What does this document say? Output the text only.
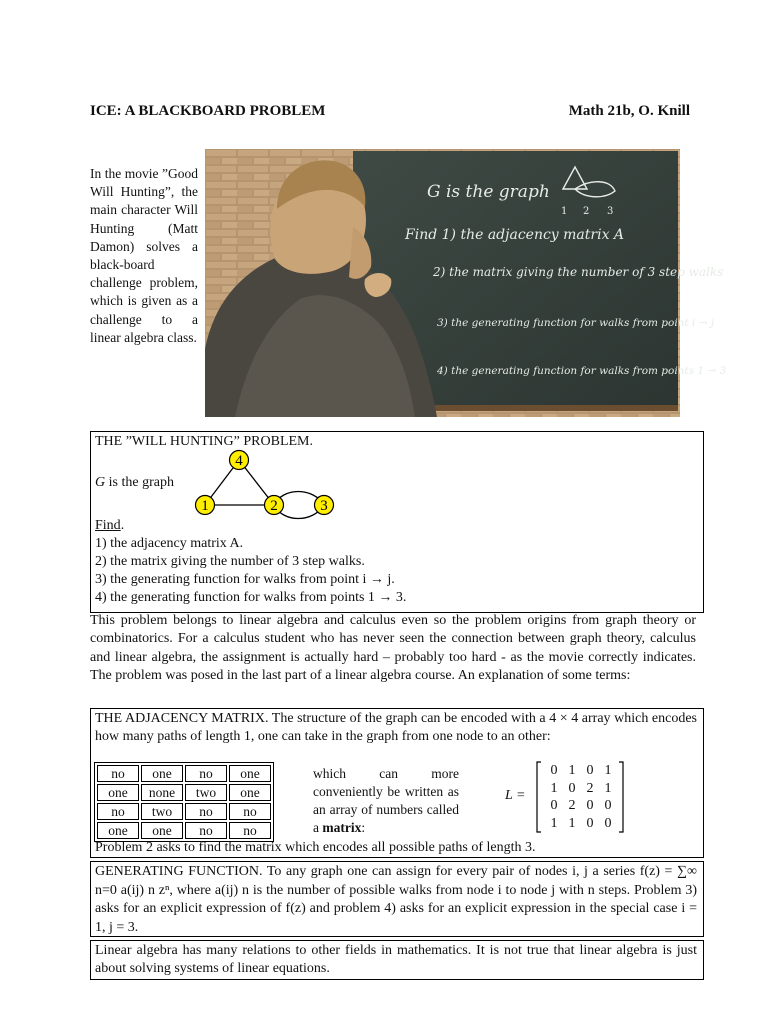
ICE: A BLACKBOARD PROBLEM	Math 21b, O. Knill
In the movie ”Good Will Hunting”, the main character Will Hunting (Matt Damon) solves a black-board challenge problem, which is given as a challenge to a linear algebra class.
G is the graph
1 2 3
Find 1) the adjacency matrix A
2) the matrix giving the number of 3 step walks
3) the generating function for walks from point i → j
4) the generating function for walks from points 1 → 3
THE ”WILL HUNTING” PROBLEM.
G is the graph
4
1	2	3
Find.
1) the adjacency matrix A.
2) the matrix giving the number of 3 step walks.
3) the generating function for walks from point i → j.
4) the generating function for walks from points 1 → 3.
This problem belongs to linear algebra and calculus even so the problem origins from graph theory or combinatorics. For a calculus student who has never seen the connection between graph theory, calculus and linear algebra, the assignment is actually hard – probably too hard - as the movie correctly indicates. The problem was posed in the last part of a linear algebra course. An explanation of some terms:
THE ADJACENCY MATRIX. The structure of the graph can be encoded with a 4 × 4 array which encodes how many paths of length 1, one can take in the graph from one node to an other:
no	one	no	one
one	none	two	one
no	two	no	no
one	one	no	no
which can more conveniently be written as an array of numbers called a matrix:
L =
0 1 0 1
1 0 2 1
0 2 0 0
1 1 0 0
Problem 2 asks to find the matrix which encodes all possible paths of length 3.
GENERATING FUNCTION. To any graph one can assign for every pair of nodes i, j a series f(z) = ∑∞ n=0 a(ij) n zⁿ, where a(ij) n is the number of possible walks from node i to node j with n steps. Problem 3) asks for an explicit expression of f(z) and problem 4) asks for an explicit expression in the special case i = 1, j = 3.
Linear algebra has many relations to other fields in mathematics. It is not true that linear algebra is just about solving systems of linear equations.
